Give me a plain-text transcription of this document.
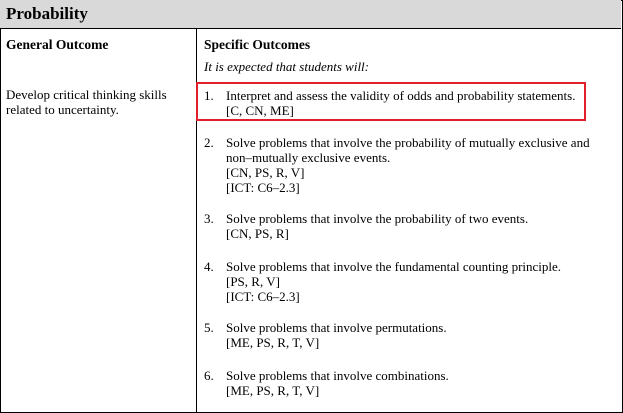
Probability
General Outcome	Specific Outcomes
It is expected that students will:
Develop critical thinking skills
related to uncertainty.
1. Interpret and assess the validity of odds and probability statements.
[C, CN, ME]
2. Solve problems that involve the probability of mutually exclusive and
non–mutually exclusive events.
[CN, PS, R, V]
[ICT: C6–2.3]
3. Solve problems that involve the probability of two events.
[CN, PS, R]
4. Solve problems that involve the fundamental counting principle.
[PS, R, V]
[ICT: C6–2.3]
5. Solve problems that involve permutations.
[ME, PS, R, T, V]
6. Solve problems that involve combinations.
[ME, PS, R, T, V]
